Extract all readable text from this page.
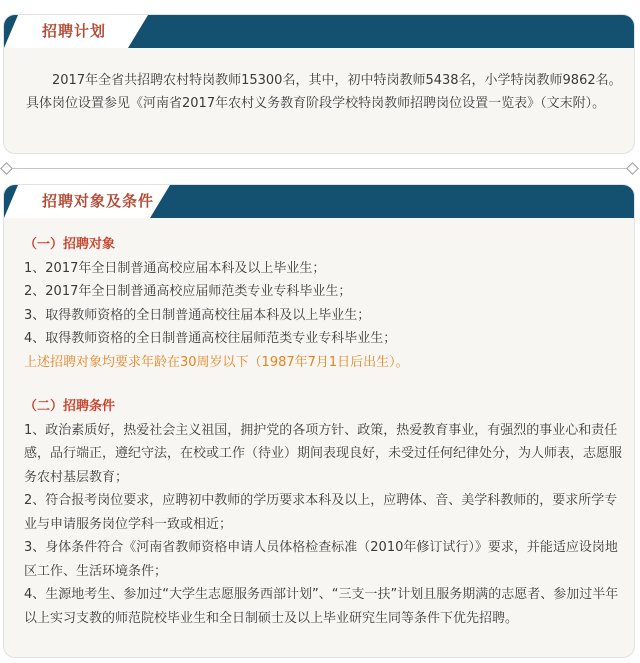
招聘计划

2017年全省共招聘农村特岗教师15300名，其中，初中特岗教师5438名，小学特岗教师9862名。具体岗位设置参见《河南省2017年农村义务教育阶段学校特岗教师招聘岗位设置一览表》（文末附）。

招聘对象及条件

（一）招聘对象

1、2017年全日制普通高校应届本科及以上毕业生；

2、2017年全日制普通高校应届师范类专业专科毕业生；

3、取得教师资格的全日制普通高校往届本科及以上毕业生；

4、取得教师资格的全日制普通高校往届师范类专业专科毕业生；

上述招聘对象均要求年龄在30周岁以下（1987年7月1日后出生）。

（二）招聘条件

1、政治素质好，热爱社会主义祖国，拥护党的各项方针、政策，热爱教育事业，有强烈的事业心和责任感，品行端正，遵纪守法，在校或工作（待业）期间表现良好，未受过任何纪律处分，为人师表，志愿服务农村基层教育；

2、符合报考岗位要求，应聘初中教师的学历要求本科及以上，应聘体、音、美学科教师的，要求所学专业与申请服务岗位学科一致或相近；

3、身体条件符合《河南省教师资格申请人员体格检查标准（2010年修订试行）》要求，并能适应设岗地区工作、生活环境条件；

4、生源地考生、参加过“大学生志愿服务西部计划”、“三支一扶”计划且服务期满的志愿者、参加过半年以上实习支教的师范院校毕业生和全日制硕士及以上毕业研究生同等条件下优先招聘。
